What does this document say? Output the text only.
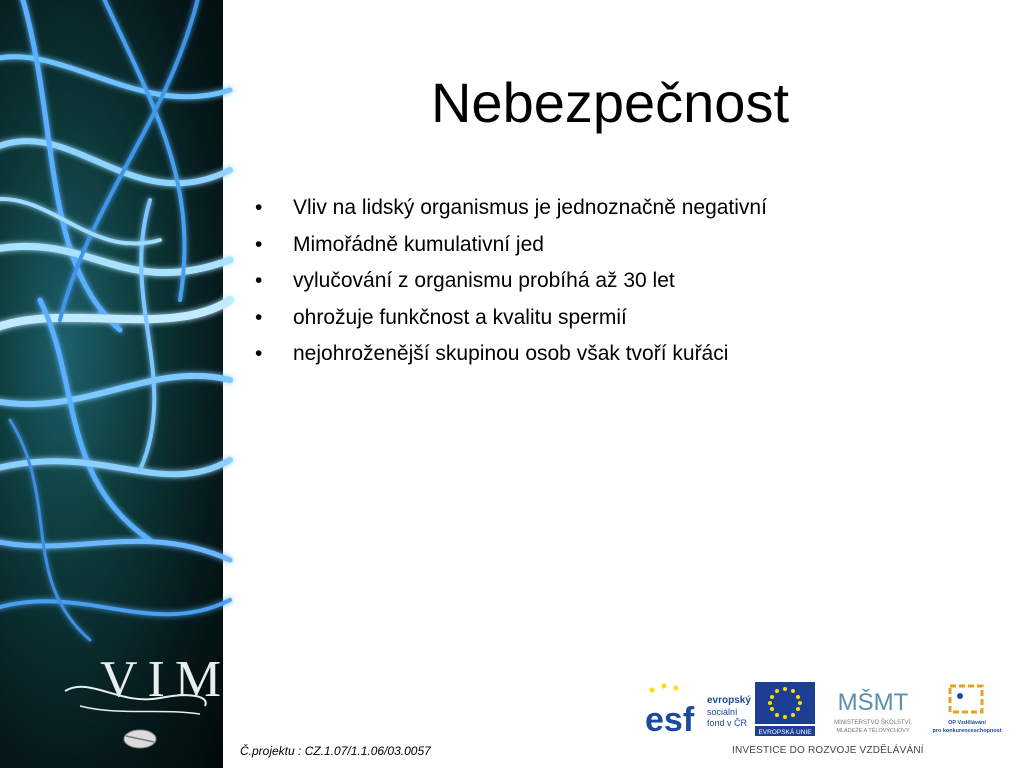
VIM
Nebezpečnost
•	Vliv na lidský organismus je jednoznačně negativní
•	Mimořádně kumulativní jed
•	vylučování z organismu probíhá až 30 let
•	ohrožuje funkčnost a kvalitu spermií
•	nejohroženější skupinou osob však tvoří kuřáci
Č.projektu : CZ.1.07/1.1.06/03.0057
esf
evropský
sociální
fond v ČR
EVROPSKÁ UNIE
MŠMT
MINISTERSTVO ŠKOLSTVÍ,
MLÁDEŽE A TĚLOVÝCHOVY
OP Vzdělávání
pro konkurenceschopnost
INVESTICE DO ROZVOJE VZDĚLÁVÁNÍ
